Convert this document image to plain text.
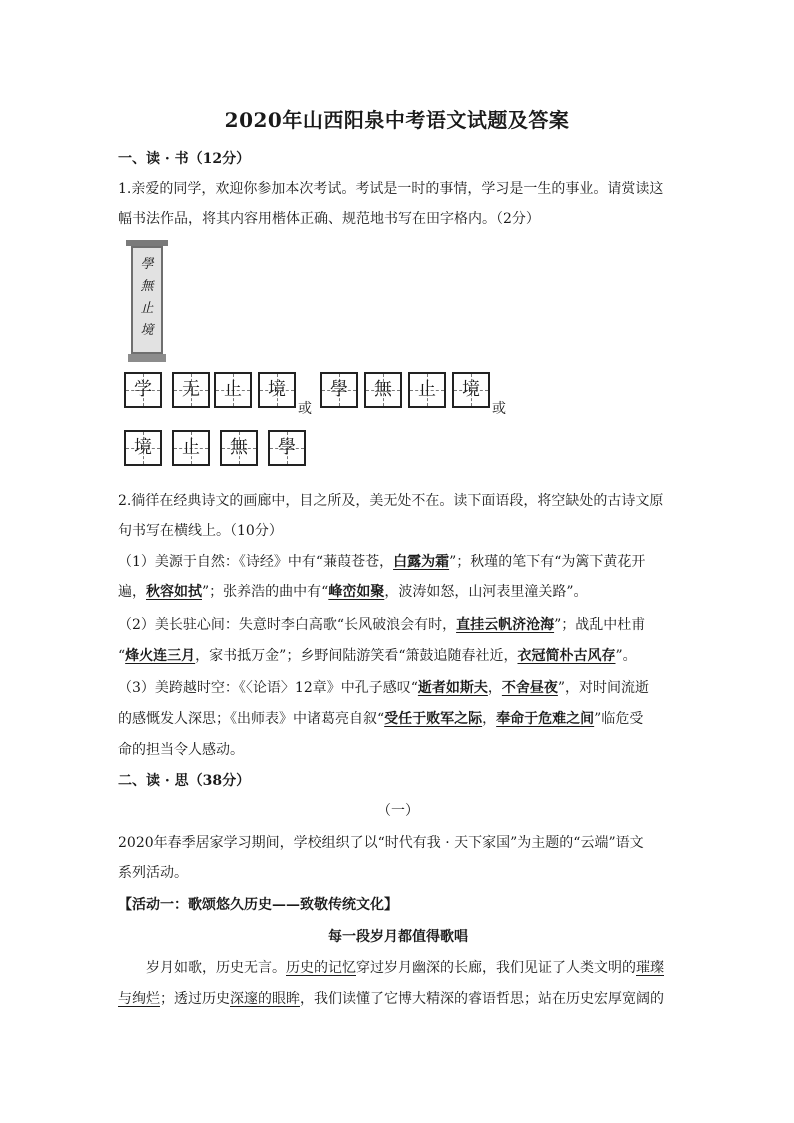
2020年山西阳泉中考语文试题及答案
一、读 · 书（12分）
1.亲爱的同学，欢迎你参加本次考试。考试是一时的事情，学习是一生的事业。请赏读这
幅书法作品，将其内容用楷体正确、规范地书写在田字格内。（2分）
學
無
止
境
学	无	止	境
或
學	無	止	境
或
境	止	無	學
2.徜徉在经典诗文的画廊中，目之所及，美无处不在。读下面语段，将空缺处的古诗文原
句书写在横线上。（10分）
（1）美源于自然：《诗经》中有“蒹葭苍苍，白露为霜”；秋瑾的笔下有“为篱下黄花开
遍，秋容如拭”；张养浩的曲中有“峰峦如聚，波涛如怒，山河表里潼关路”。
（2）美长驻心间：失意时李白高歌“长风破浪会有时，直挂云帆济沧海”；战乱中杜甫
“烽火连三月，家书抵万金”；乡野间陆游笑看“箫鼓追随春社近，衣冠简朴古风存”。
（3）美跨越时空：《〈论语〉12章》中孔子感叹“逝者如斯夫，不舍昼夜”，对时间流逝
的感慨发人深思；《出师表》中诸葛亮自叙“受任于败军之际，奉命于危难之间”临危受
命的担当令人感动。
二、读 · 思（38分）
（一）
2020年春季居家学习期间，学校组织了以“时代有我 · 天下家国”为主题的“云端”语文
系列活动。
【活动一：歌颂悠久历史——致敬传统文化】
每一段岁月都值得歌唱
岁月如歌，历史无言。历史的记忆穿过岁月幽深的长廊，我们见证了人类文明的璀璨
与绚烂；透过历史深邃的眼眸，我们读懂了它博大精深的睿语哲思；站在历史宏厚宽阔的
